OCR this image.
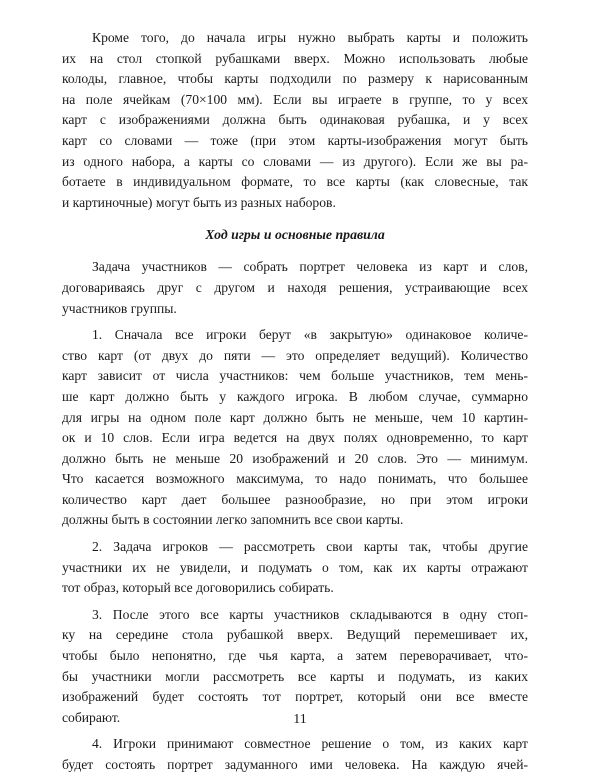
Кроме того, до начала игры нужно выбрать карты и положить
их на стол стопкой рубашками вверх. Можно использовать любые
колоды, главное, чтобы карты подходили по размеру к нарисованным
на поле ячейкам (70×100 мм). Если вы играете в группе, то у всех
карт с изображениями должна быть одинаковая рубашка, и у всех
карт со словами — тоже (при этом карты-изображения могут быть
из одного набора, а карты со словами — из другого). Если же вы ра-
ботаете в индивидуальном формате, то все карты (как словесные, так
и картиночные) могут быть из разных наборов.
Ход игры и основные правила
Задача участников — собрать портрет человека из карт и слов,
договариваясь друг с другом и находя решения, устраивающие всех
участников группы.
1. Сначала все игроки берут «в закрытую» одинаковое количе-
ство карт (от двух до пяти — это определяет ведущий). Количество
карт зависит от числа участников: чем больше участников, тем мень-
ше карт должно быть у каждого игрока. В любом случае, суммарно
для игры на одном поле карт должно быть не меньше, чем 10 картин-
ок и 10 слов. Если игра ведется на двух полях одновременно, то карт
должно быть не меньше 20 изображений и 20 слов. Это — минимум.
Что касается возможного максимума, то надо понимать, что большее
количество карт дает большее разнообразие, но при этом игроки
должны быть в состоянии легко запомнить все свои карты.
2. Задача игроков — рассмотреть свои карты так, чтобы другие
участники их не увидели, и подумать о том, как их карты отражают
тот образ, который все договорились собирать.
3. После этого все карты участников складываются в одну стоп-
ку на середине стола рубашкой вверх. Ведущий перемешивает их,
чтобы было непонятно, где чья карта, а затем переворачивает, что-
бы участники могли рассмотреть все карты и подумать, из каких
изображений будет состоять тот портрет, который они все вместе
собирают.
4. Игроки принимают совместное решение о том, из каких карт
будет состоять портрет задуманного ими человека. На каждую ячей-
11
